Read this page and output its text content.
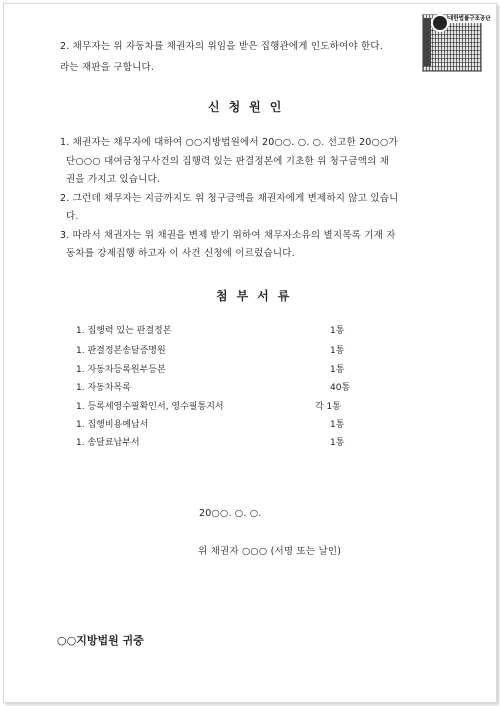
대한법률구조공단
2. 채무자는 위 자동차를 채권자의 위임을 받은 집행관에게 인도하여야 한다.
라는 재판을 구합니다.
신청원인
1. 채권자는 채무자에 대하여 ○○지방법원에서 20○○. ○. ○. 선고한 20○○가
단○○○ 대여금청구사건의 집행력 있는 판결정본에 기초한 위 청구금액의 채
권을 가지고 있습니다.
2. 그런데 채무자는 지금까지도 위 청구금액을 채권자에게 변제하지 않고 있습니
다.
3. 따라서 채권자는 위 채권을 변제 받기 위하여 채무자소유의 별지목록 기재 자
동차를 강제집행 하고자 이 사건 신청에 이르렀습니다.
첨부서류
1. 집행력 있는 판결정본	1통
1. 판결정본송달증명원	1통
1. 자동차등록원부등본	1통
1. 자동차목록	40통
1. 등록세영수필확인서, 영수필통지서	각 1통
1. 집행비용예납서	1통
1. 송달료납부서	1통
20○○. ○. ○.
위 채권자 ○○○ (서명 또는 날인)
○○지방법원 귀중
